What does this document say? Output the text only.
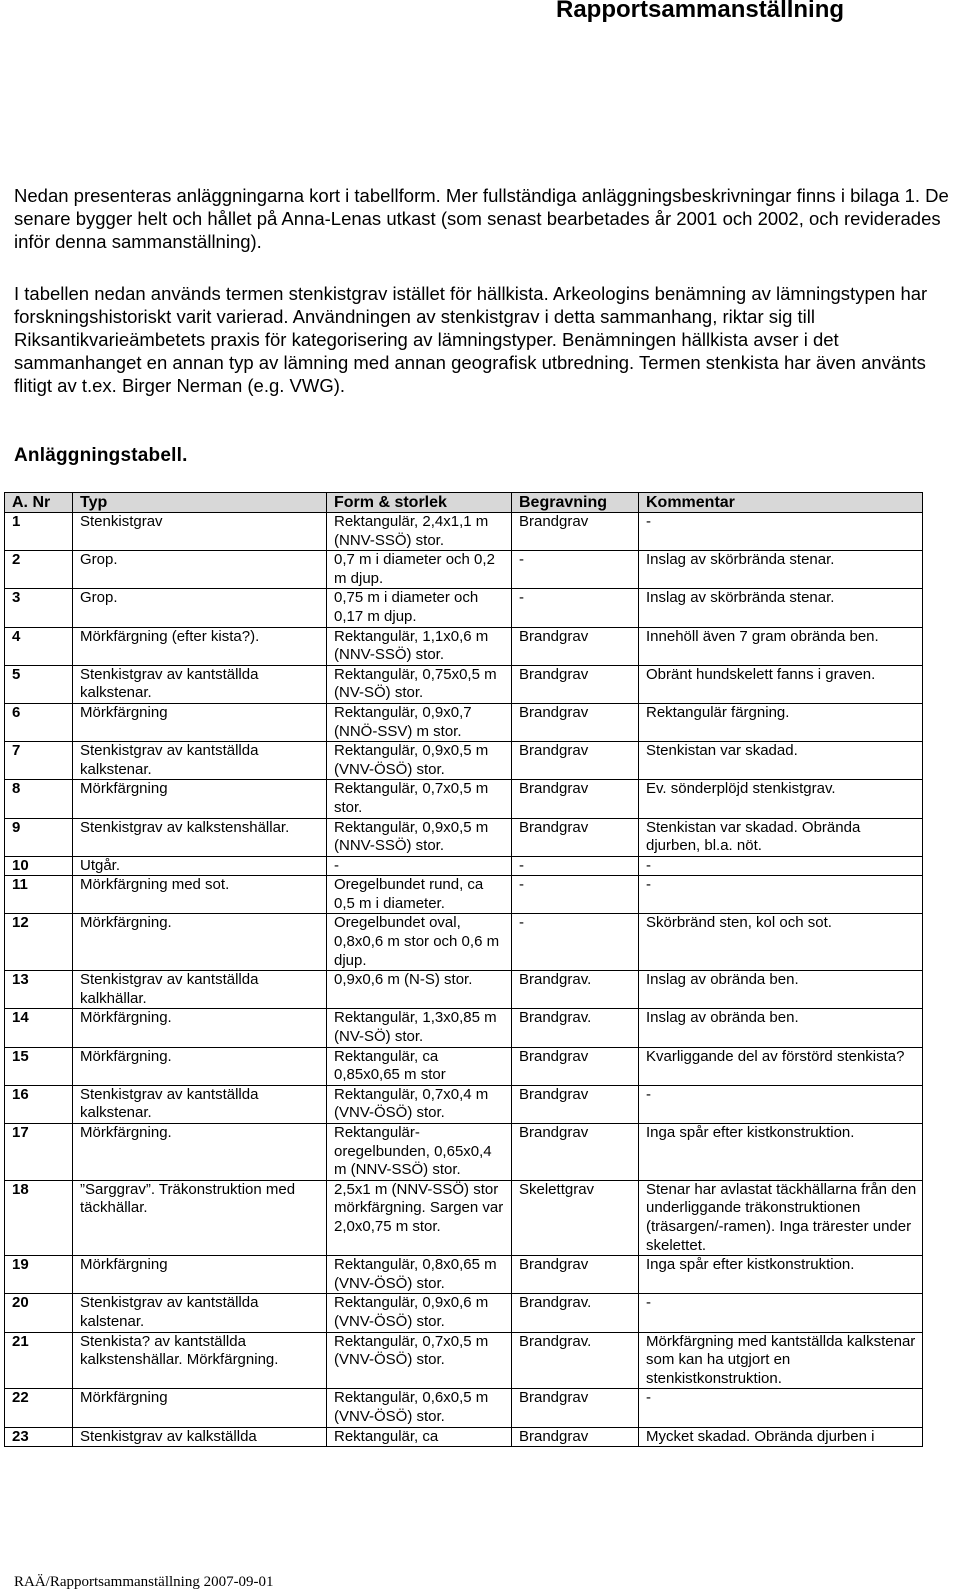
Rapportsammanställning

Nedan presenteras anläggningarna kort i tabellform. Mer fullständiga anläggningsbeskrivningar finns i bilaga 1. De senare bygger helt och hållet på Anna-Lenas utkast (som senast bearbetades år 2001 och 2002, och reviderades inför denna sammanställning).

I tabellen nedan används termen stenkistgrav istället för hällkista. Arkeologins benämning av lämningstypen har forskningshistoriskt varit varierad. Användningen av stenkistgrav i detta sammanhang, riktar sig till Riksantikvarieämbetets praxis för kategorisering av lämningstyper. Benämningen hällkista avser i det sammanhanget en annan typ av lämning med annan geografisk utbredning. Termen stenkista har även använts flitigt av t.ex. Birger Nerman (e.g. VWG).

Anläggningstabell.
A. Nr	Typ	Form & storlek	Begravning	Kommentar
1	Stenkistgrav	Rektangulär, 2,4x1,1 m (NNV-SSÖ) stor.	Brandgrav	-
2	Grop.	0,7 m i diameter och 0,2 m djup.	-	Inslag av skörbrända stenar.
3	Grop.	0,75 m i diameter och 0,17 m djup.	-	Inslag av skörbrända stenar.
4	Mörkfärgning (efter kista?).	Rektangulär, 1,1x0,6 m (NNV-SSÖ) stor.	Brandgrav	Innehöll även 7 gram obrända ben.
5	Stenkistgrav av kantställda kalkstenar.	Rektangulär, 0,75x0,5 m (NV-SÖ) stor.	Brandgrav	Obränt hundskelett fanns i graven.
6	Mörkfärgning	Rektangulär, 0,9x0,7 (NNÖ-SSV) m stor.	Brandgrav	Rektangulär färgning.
7	Stenkistgrav av kantställda kalkstenar.	Rektangulär, 0,9x0,5 m (VNV-ÖSÖ) stor.	Brandgrav	Stenkistan var skadad.
8	Mörkfärgning	Rektangulär, 0,7x0,5 m stor.	Brandgrav	Ev. sönderplöjd stenkistgrav.
9	Stenkistgrav av kalkstenshällar.	Rektangulär, 0,9x0,5 m (NNV-SSÖ) stor.	Brandgrav	Stenkistan var skadad. Obrända djurben, bl.a. nöt.
10	Utgår.	-	-	-
11	Mörkfärgning med sot.	Oregelbundet rund, ca 0,5 m i diameter.	-	-
12	Mörkfärgning.	Oregelbundet oval, 0,8x0,6 m stor och 0,6 m djup.	-	Skörbränd sten, kol och sot.
13	Stenkistgrav av kantställda kalkhällar.	0,9x0,6 m (N-S) stor.	Brandgrav.	Inslag av obrända ben.
14	Mörkfärgning.	Rektangulär, 1,3x0,85 m (NV-SÖ) stor.	Brandgrav.	Inslag av obrända ben.
15	Mörkfärgning.	Rektangulär, ca 0,85x0,65 m stor	Brandgrav	Kvarliggande del av förstörd stenkista?
16	Stenkistgrav av kantställda kalkstenar.	Rektangulär, 0,7x0,4 m (VNV-ÖSÖ) stor.	Brandgrav	-
17	Mörkfärgning.	Rektangulär-oregelbunden, 0,65x0,4 m (NNV-SSÖ) stor.	Brandgrav	Inga spår efter kistkonstruktion.
18	”Sarggrav”. Träkonstruktion med täckhällar.	2,5x1 m (NNV-SSÖ) stor mörkfärgning. Sargen var 2,0x0,75 m stor.	Skelettgrav	Stenar har avlastat täckhällarna från den underliggande träkonstruktionen (träsargen/-ramen). Inga trärester under skelettet.
19	Mörkfärgning	Rektangulär, 0,8x0,65 m (VNV-ÖSÖ) stor.	Brandgrav	Inga spår efter kistkonstruktion.
20	Stenkistgrav av kantställda kalstenar.	Rektangulär, 0,9x0,6 m (VNV-ÖSÖ) stor.	Brandgrav.	-
21	Stenkista? av kantställda kalkstenshällar. Mörkfärgning.	Rektangulär, 0,7x0,5 m (VNV-ÖSÖ) stor.	Brandgrav.	Mörkfärgning med kantställda kalkstenar som kan ha utgjort en stenkistkonstruktion.
22	Mörkfärgning	Rektangulär, 0,6x0,5 m (VNV-ÖSÖ) stor.	Brandgrav	-
23	Stenkistgrav av kalkställda	Rektangulär, ca	Brandgrav	Mycket skadad. Obrända djurben i
RAÄ/Rapportsammanställning 2007-09-01
